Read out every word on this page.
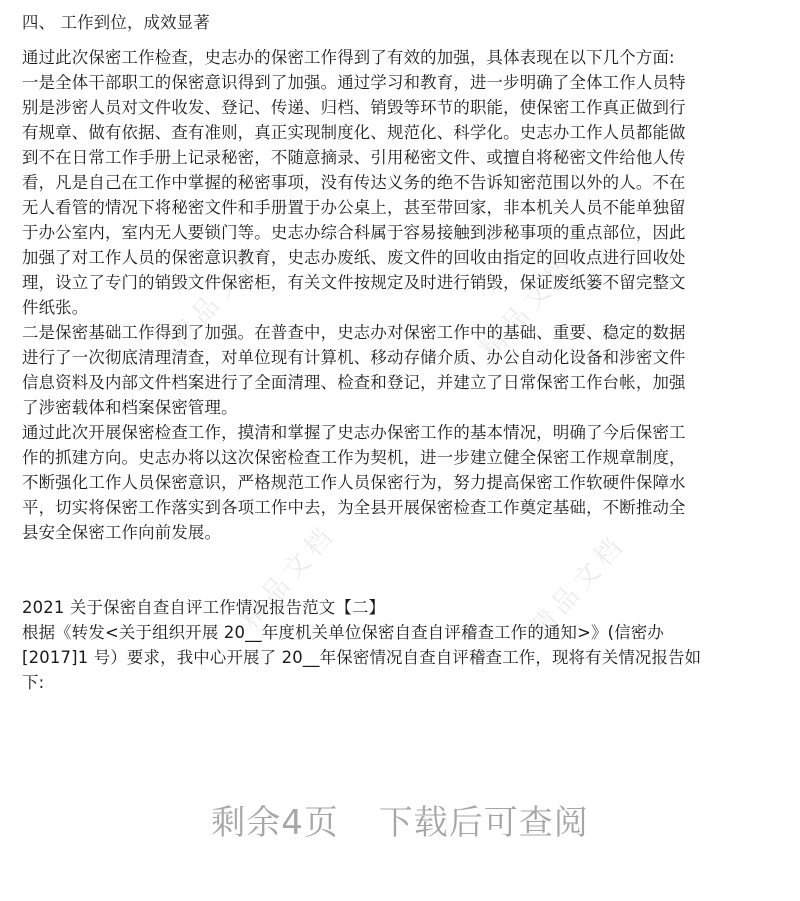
精品文档	精品文档
精品文档	精品文档
四、 工作到位，成效显著
通过此次保密工作检查，史志办的保密工作得到了有效的加强，具体表现在以下几个方面:
一是全体干部职工的保密意识得到了加强。通过学习和教育，进一步明确了全体工作人员特
别是涉密人员对文件收发、登记、传递、归档、销毁等环节的职能，使保密工作真正做到行
有规章、做有依据、查有准则，真正实现制度化、规范化、科学化。史志办工作人员都能做
到不在日常工作手册上记录秘密，不随意摘录、引用秘密文件、或擅自将秘密文件给他人传
看，凡是自己在工作中掌握的秘密事项，没有传达义务的绝不告诉知密范围以外的人。不在
无人看管的情况下将秘密文件和手册置于办公桌上，甚至带回家，非本机关人员不能单独留
于办公室内，室内无人要锁门等。史志办综合科属于容易接触到涉秘事项的重点部位，因此
加强了对工作人员的保密意识教育，史志办废纸、废文件的回收由指定的回收点进行回收处
理，设立了专门的销毁文件保密柜，有关文件按规定及时进行销毁，保证废纸篓不留完整文
件纸张。
二是保密基础工作得到了加强。在普查中，史志办对保密工作中的基础、重要、稳定的数据
进行了一次彻底清理清查，对单位现有计算机、移动存储介质、办公自动化设备和涉密文件
信息资料及内部文件档案进行了全面清理、检查和登记，并建立了日常保密工作台帐，加强
了涉密载体和档案保密管理。
通过此次开展保密检查工作，摸清和掌握了史志办保密工作的基本情况，明确了今后保密工
作的抓建方向。史志办将以这次保密检查工作为契机，进一步建立健全保密工作规章制度，
不断强化工作人员保密意识，严格规范工作人员保密行为，努力提高保密工作软硬件保障水
平，切实将保密工作落实到各项工作中去，为全县开展保密检查工作奠定基础，不断推动全
县安全保密工作向前发展。
2021 关于保密自查自评工作情况报告范文【二】
根据《转发<关于组织开展 20__年度机关单位保密自查自评稽查工作的通知>》(信密办
[2017]1 号）要求，我中心开展了 20__年保密情况自查自评稽查工作，现将有关情况报告如
下:
剩余4页 下载后可查阅
